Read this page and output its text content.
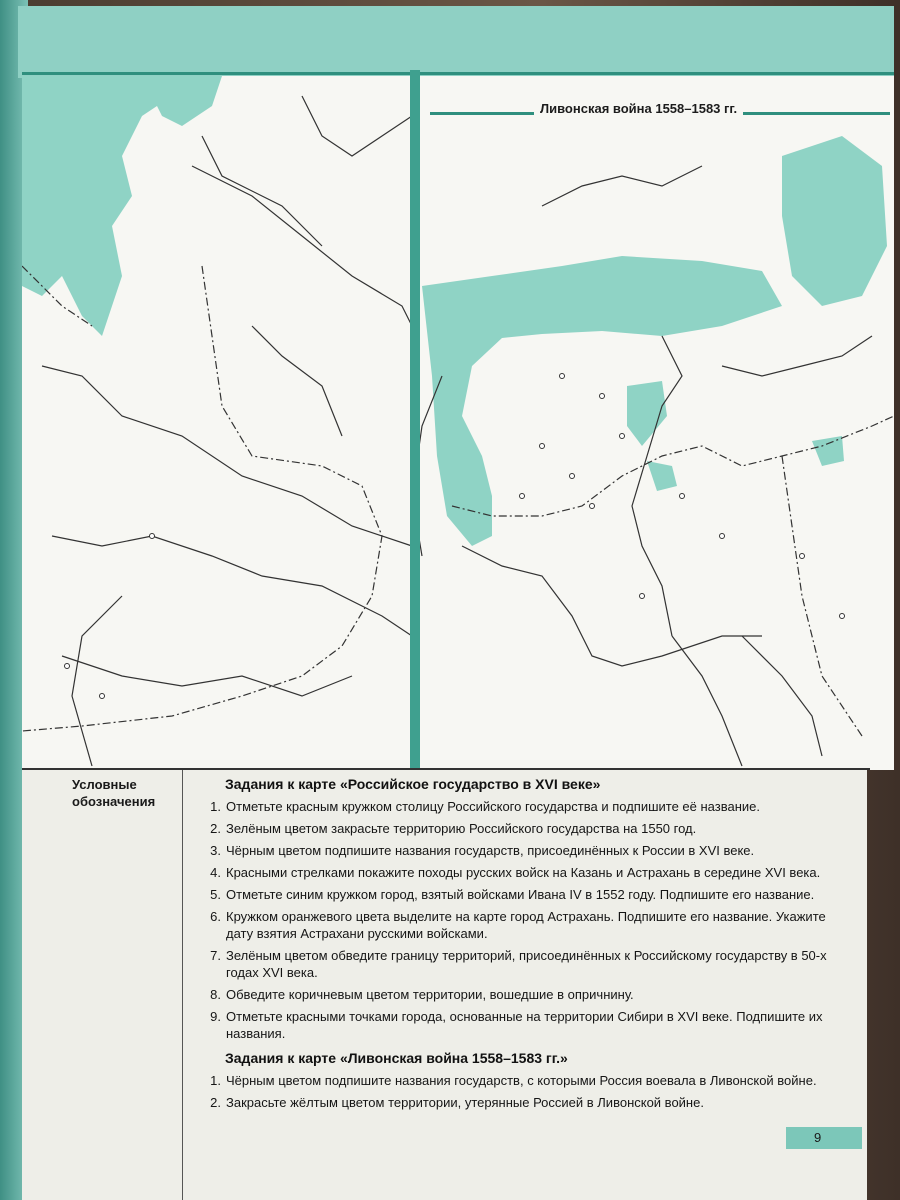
Ливонская война 1558–1583 гг.
Условные
обозначения
Задания к карте «Российское государство в XVI веке»
1. Отметьте красным кружком столицу Российского государства и подпишите её название.
2. Зелёным цветом закрасьте территорию Российского государства на 1550 год.
3. Чёрным цветом подпишите названия государств, присоединённых к России в XVI веке.
4. Красными стрелками покажите походы русских войск на Казань и Астрахань в середине XVI века.
5. Отметьте синим кружком город, взятый войсками Ивана IV в 1552 году. Подпишите его название.
6. Кружком оранжевого цвета выделите на карте город Астрахань. Подпишите его название. Укажите дату взятия Астрахани русскими войсками.
7. Зелёным цветом обведите границу территорий, присоединённых к Российскому государству в 50-х годах XVI века.
8. Обведите коричневым цветом территории, вошедшие в опричнину.
9. Отметьте красными точками города, основанные на территории Сибири в XVI веке. Подпишите их названия.
Задания к карте «Ливонская война 1558–1583 гг.»
1. Чёрным цветом подпишите названия государств, с которыми Россия воевала в Ливонской войне.
2. Закрасьте жёлтым цветом территории, утерянные Россией в Ливонской войне.
9
